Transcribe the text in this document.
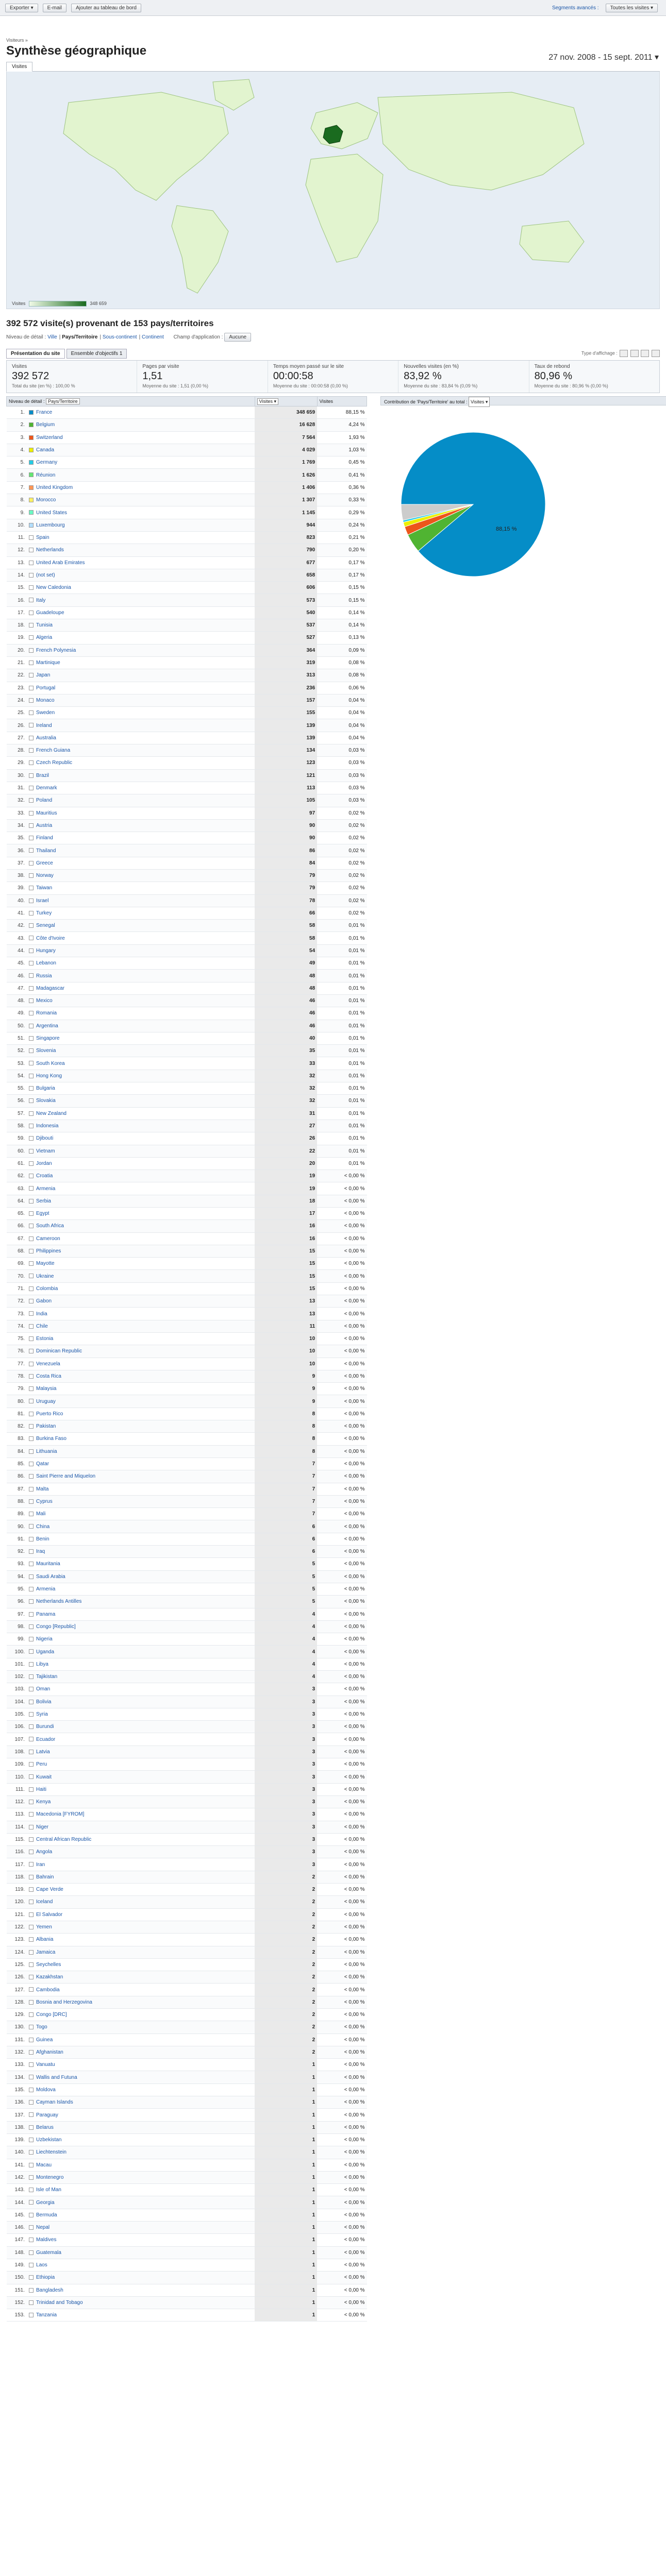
Exporter ▾	E-mail	Ajouter au tableau de bord	Segments avancés : Toutes les visites ▾
Visiteurs »
Synthèse géographique	27 nov. 2008 - 15 sept. 2011 ▾
Visites
Visites	348 659
392 572 visite(s) provenant de 153 pays/territoires
Niveau de détail : Ville | Pays/Territoire | Sous-continent | Continent Champ d'application : Aucune
Présentation du site Ensemble d'objectifs 1	Type d'affichage :
Visites
392 572
Total du site (en %) : 100,00 %
Pages par visite
1,51
Moyenne du site : 1,51 (0,00 %)
Temps moyen passé sur le site
00:00:58
Moyenne du site : 00:00:58 (0,00 %)
Nouvelles visites (en %)
83,92 %
Moyenne du site : 83,84 % (0,09 %)
Taux de rebond
80,96 %
Moyenne du site : 80,96 % (0,00 %)
Niveau de détail : Pays/Territoire		Visites ▾	Visites
1.	France	348 659	88,15 %
2.	Belgium	16 628	4,24 %
3.	Switzerland	7 564	1,93 %
4.	Canada	4 029	1,03 %
5.	Germany	1 769	0,45 %
6.	Réunion	1 626	0,41 %
7.	United Kingdom	1 406	0,36 %
8.	Morocco	1 307	0,33 %
9.	United States	1 145	0,29 %
10.	Luxembourg	944	0,24 %
11.	Spain	823	0,21 %
12.	Netherlands	790	0,20 %
13.	United Arab Emirates	677	0,17 %
14.	(not set)	658	0,17 %
15.	New Caledonia	606	0,15 %
16.	Italy	573	0,15 %
17.	Guadeloupe	540	0,14 %
18.	Tunisia	537	0,14 %
19.	Algeria	527	0,13 %
20.	French Polynesia	364	0,09 %
21.	Martinique	319	0,08 %
22.	Japan	313	0,08 %
23.	Portugal	236	0,06 %
24.	Monaco	157	0,04 %
25.	Sweden	155	0,04 %
26.	Ireland	139	0,04 %
27.	Australia	139	0,04 %
28.	French Guiana	134	0,03 %
29.	Czech Republic	123	0,03 %
30.	Brazil	121	0,03 %
31.	Denmark	113	0,03 %
32.	Poland	105	0,03 %
33.	Mauritius	97	0,02 %
34.	Austria	90	0,02 %
35.	Finland	90	0,02 %
36.	Thailand	86	0,02 %
37.	Greece	84	0,02 %
38.	Norway	79	0,02 %
39.	Taiwan	79	0,02 %
40.	Israel	78	0,02 %
41.	Turkey	66	0,02 %
42.	Senegal	58	0,01 %
43.	Côte d'Ivoire	58	0,01 %
44.	Hungary	54	0,01 %
45.	Lebanon	49	0,01 %
46.	Russia	48	0,01 %
47.	Madagascar	48	0,01 %
48.	Mexico	46	0,01 %
49.	Romania	46	0,01 %
50.	Argentina	46	0,01 %
51.	Singapore	40	0,01 %
52.	Slovenia	35	0,01 %
53.	South Korea	33	0,01 %
54.	Hong Kong	32	0,01 %
55.	Bulgaria	32	0,01 %
56.	Slovakia	32	0,01 %
57.	New Zealand	31	0,01 %
58.	Indonesia	27	0,01 %
59.	Djibouti	26	0,01 %
60.	Vietnam	22	0,01 %
61.	Jordan	20	0,01 %
62.	Croatia	19	< 0,00 %
63.	Armenia	19	< 0,00 %
64.	Serbia	18	< 0,00 %
65.	Egypt	17	< 0,00 %
66.	South Africa	16	< 0,00 %
67.	Cameroon	16	< 0,00 %
68.	Philippines	15	< 0,00 %
69.	Mayotte	15	< 0,00 %
70.	Ukraine	15	< 0,00 %
71.	Colombia	15	< 0,00 %
72.	Gabon	13	< 0,00 %
73.	India	13	< 0,00 %
74.	Chile	11	< 0,00 %
75.	Estonia	10	< 0,00 %
76.	Dominican Republic	10	< 0,00 %
77.	Venezuela	10	< 0,00 %
78.	Costa Rica	9	< 0,00 %
79.	Malaysia	9	< 0,00 %
80.	Uruguay	9	< 0,00 %
81.	Puerto Rico	8	< 0,00 %
82.	Pakistan	8	< 0,00 %
83.	Burkina Faso	8	< 0,00 %
84.	Lithuania	8	< 0,00 %
85.	Qatar	7	< 0,00 %
86.	Saint Pierre and Miquelon	7	< 0,00 %
87.	Malta	7	< 0,00 %
88.	Cyprus	7	< 0,00 %
89.	Mali	7	< 0,00 %
90.	China	6	< 0,00 %
91.	Benin	6	< 0,00 %
92.	Iraq	6	< 0,00 %
93.	Mauritania	5	< 0,00 %
94.	Saudi Arabia	5	< 0,00 %
95.	Armenia	5	< 0,00 %
96.	Netherlands Antilles	5	< 0,00 %
97.	Panama	4	< 0,00 %
98.	Congo [Republic]	4	< 0,00 %
99.	Nigeria	4	< 0,00 %
100.	Uganda	4	< 0,00 %
101.	Libya	4	< 0,00 %
102.	Tajikistan	4	< 0,00 %
103.	Oman	3	< 0,00 %
104.	Bolivia	3	< 0,00 %
105.	Syria	3	< 0,00 %
106.	Burundi	3	< 0,00 %
107.	Ecuador	3	< 0,00 %
108.	Latvia	3	< 0,00 %
109.	Peru	3	< 0,00 %
110.	Kuwait	3	< 0,00 %
111.	Haiti	3	< 0,00 %
112.	Kenya	3	< 0,00 %
113.	Macedonia [FYROM]	3	< 0,00 %
114.	Niger	3	< 0,00 %
115.	Central African Republic	3	< 0,00 %
116.	Angola	3	< 0,00 %
117.	Iran	3	< 0,00 %
118.	Bahrain	2	< 0,00 %
119.	Cape Verde	2	< 0,00 %
120.	Iceland	2	< 0,00 %
121.	El Salvador	2	< 0,00 %
122.	Yemen	2	< 0,00 %
123.	Albania	2	< 0,00 %
124.	Jamaica	2	< 0,00 %
125.	Seychelles	2	< 0,00 %
126.	Kazakhstan	2	< 0,00 %
127.	Cambodia	2	< 0,00 %
128.	Bosnia and Herzegovina	2	< 0,00 %
129.	Congo [DRC]	2	< 0,00 %
130.	Togo	2	< 0,00 %
131.	Guinea	2	< 0,00 %
132.	Afghanistan	2	< 0,00 %
133.	Vanuatu	1	< 0,00 %
134.	Wallis and Futuna	1	< 0,00 %
135.	Moldova	1	< 0,00 %
136.	Cayman Islands	1	< 0,00 %
137.	Paraguay	1	< 0,00 %
138.	Belarus	1	< 0,00 %
139.	Uzbekistan	1	< 0,00 %
140.	Liechtenstein	1	< 0,00 %
141.	Macau	1	< 0,00 %
142.	Montenegro	1	< 0,00 %
143.	Isle of Man	1	< 0,00 %
144.	Georgia	1	< 0,00 %
145.	Bermuda	1	< 0,00 %
146.	Nepal	1	< 0,00 %
147.	Maldives	1	< 0,00 %
148.	Guatemala	1	< 0,00 %
149.	Laos	1	< 0,00 %
150.	Ethiopia	1	< 0,00 %
151.	Bangladesh	1	< 0,00 %
152.	Trinidad and Tobago	1	< 0,00 %
153.	Tanzania	1	< 0,00 %
Contribution de 'Pays/Territoire' au total : Visites ▾
88,15 %
